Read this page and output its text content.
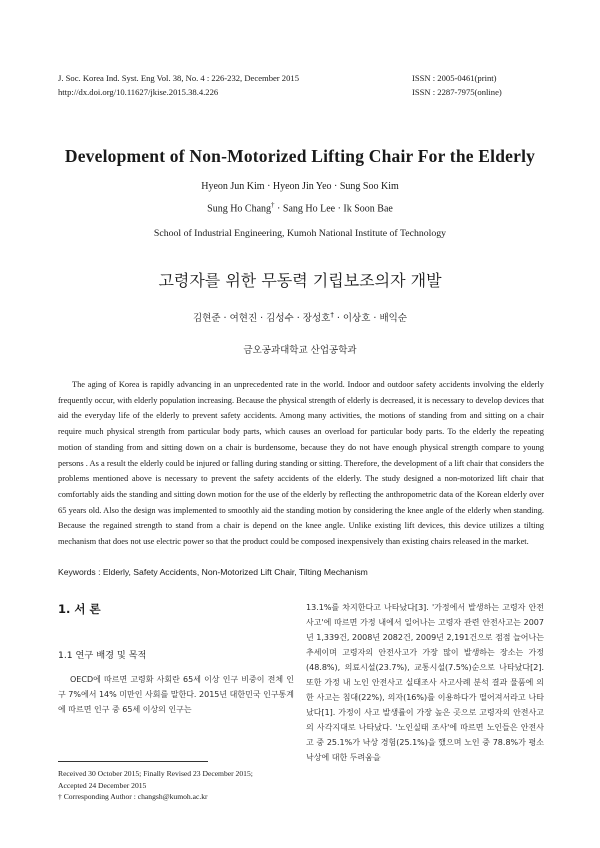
J. Soc. Korea Ind. Syst. Eng Vol. 38, No. 4 : 226-232, December 2015
http://dx.doi.org/10.11627/jkise.2015.38.4.226
ISSN : 2005-0461(print)
ISSN : 2287-7975(online)
Development of Non-Motorized Lifting Chair For the Elderly
Hyeon Jun Kim · Hyeon Jin Yeo · Sung Soo Kim
Sung Ho Chang† · Sang Ho Lee · Ik Soon Bae
School of Industrial Engineering, Kumoh National Institute of Technology
고령자를 위한 무동력 기립보조의자 개발
김현준 · 여현진 · 김성수 · 장성호† · 이상호 · 배익순
금오공과대학교 산업공학과

The aging of Korea is rapidly advancing in an unprecedented rate in the world. Indoor and outdoor safety accidents involving the elderly frequently occur, with elderly population increasing. Because the physical strength of elderly is decreased, it is necessary to develop devices that aid the everyday life of the elderly to prevent safety accidents. Among many activities, the motions of standing from and sitting on a chair require much physical strength from particular body parts, which causes an overload for particular body parts. To the elderly the repeating motion of standing from and sitting down on a chair is burdensome, because they do not have enough physical strength compare to young persons . As a result the elderly could be injured or falling during standing or sitting. Therefore, the development of a lift chair that considers the problems mentioned above is necessary to prevent the safety accidents of the elderly. The study designed a non-motorized lift chair that comfortably aids the standing and sitting down motion for the use of the elderly by reflecting the anthropometric data of the Korean elderly over 65 years old. Also the design was implemented to smoothly aid the standing motion by considering the knee angle of the elderly when standing. Because the regained strength to stand from a chair is depend on the knee angle. Unlike existing lift devices, this device utilizes a tilting mechanism that does not use electric power so that the product could be composed inexpensively than existing chairs released in the market.

Keywords : Elderly, Safety Accidents, Non-Motorized Lift Chair, Tilting Mechanism
1. 서 론
1.1 연구 배경 및 목적

OECD에 따르면 고령화 사회란 65세 이상 인구 비중이 전체 인구 7%에서 14% 미만인 사회를 말한다. 2015년 대한민국 인구통계에 따르면 인구 중 65세 이상의 인구는

Received 30 October 2015; Finally Revised 23 December 2015;
Accepted 24 December 2015
† Corresponding Author : changsh@kumoh.ac.kr

13.1%를 차지한다고 나타났다[3]. '가정에서 발생하는 고령자 안전사고'에 따르면 가정 내에서 일어나는 고령자 관련 안전사고는 2007년 1,339건, 2008년 2082건, 2009년 2,191건으로 점점 늘어나는 추세이며 고령자의 안전사고가 가장 많이 발생하는 장소는 가정(48.8%), 의료시설(23.7%), 교통시설(7.5%)순으로 나타났다[2]. 또한 가정 내 노인 안전사고 실태조사 사고사례 분석 결과 물품에 의한 사고는 침대(22%), 의자(16%)를 이용하다가 떨어져서라고 나타났다[1]. 가정이 사고 발생률이 가장 높은 곳으로 고령자의 안전사고의 사각지대로 나타났다. '노인실태 조사'에 따르면 노인들은 안전사고 중 25.1%가 낙상 경험(25.1%)을 했으며 노인 중 78.8%가 평소 낙상에 대한 두려움을
